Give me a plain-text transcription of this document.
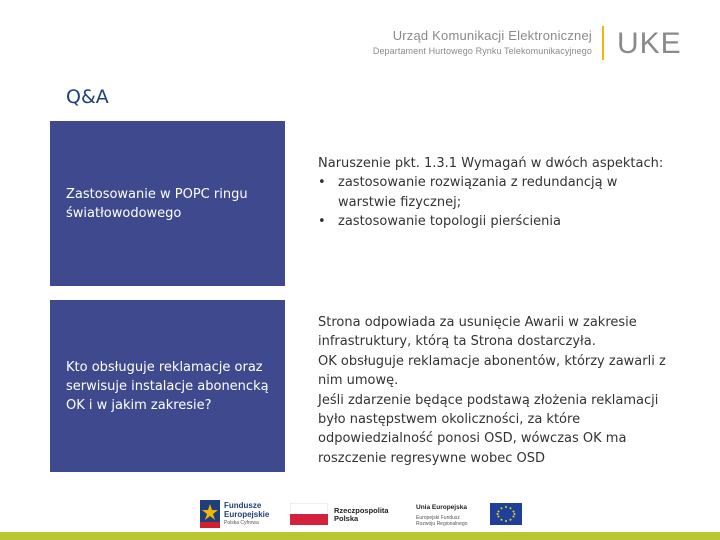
Urząd Komunikacji Elektronicznej
Departament Hurtowego Rynku Telekomunikacyjnego UKE
Q&A
Zastosowanie w POPC ringu światłowodowego

Naruszenie pkt. 1.3.1 Wymagań w dwóch aspektach:

• zastosowanie rozwiązania z redundancją w warstwie fizycznej;
• zastosowanie topologii pierścienia
Kto obsługuje reklamacje oraz serwisuje instalacje abonencką OK i w jakim zakresie?

Strona odpowiada za usunięcie Awarii w zakresie infrastruktury, którą ta Strona dostarczyła.

OK obsługuje reklamacje abonentów, którzy zawarli z nim umowę.

Jeśli zdarzenie będące podstawą złożenia reklamacji było następstwem okoliczności, za które odpowiedzialność ponosi OSD, wówczas OK ma roszczenie regresywne wobec OSD

Fundusze
Europejskie
Polska Cyfrowa
Rzeczpospolita
Polska
Unia Europejska
Europejski Fundusz
Rozwoju Regionalnego
